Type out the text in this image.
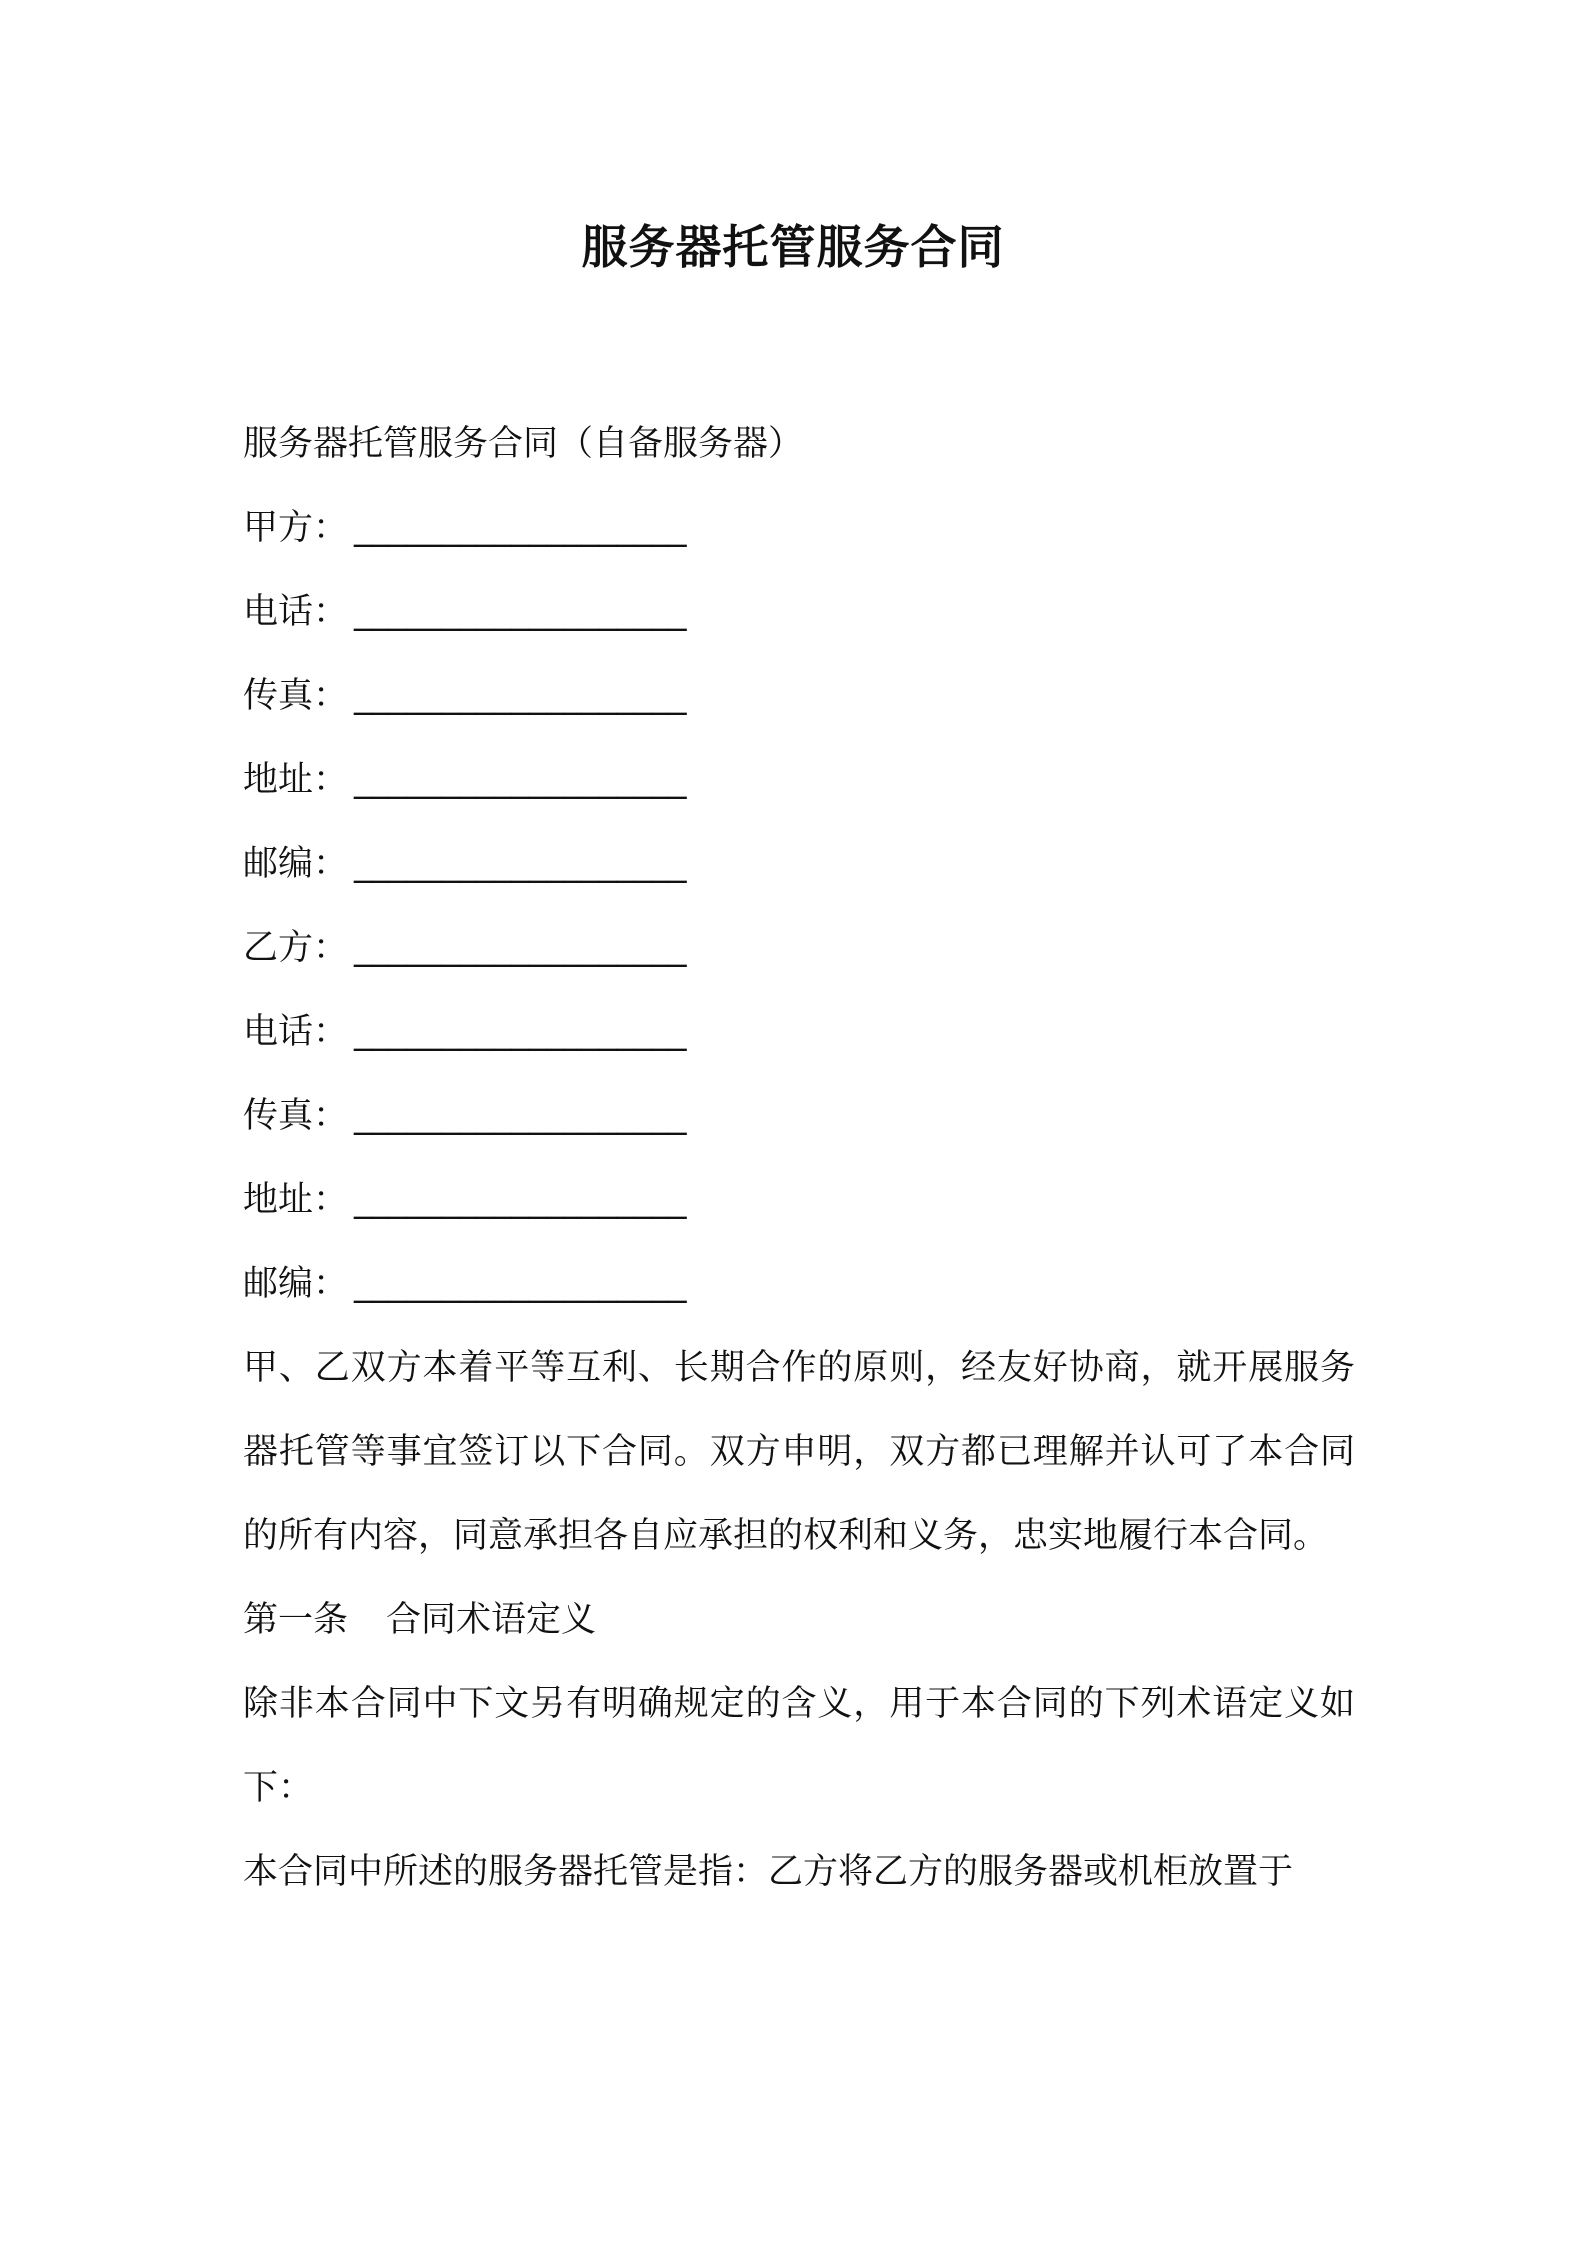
服务器托管服务合同
服务器托管服务合同（自备服务器）
甲方： ___________________
电话： ___________________
传真： ___________________
地址： ___________________
邮编： ___________________
乙方： ___________________
电话： ___________________
传真： ___________________
地址： ___________________
邮编： ___________________
甲、乙双方本着平等互利、长期合作的原则，经友好协商，就开展服务器托管等事宜签订以下合同。双方申明，双方都已理解并认可了本合同的所有内容，同意承担各自应承担的权利和义务，忠实地履行本合同。
第一条 合同术语定义
除非本合同中下文另有明确规定的含义，用于本合同的下列术语定义如下：
本合同中所述的服务器托管是指：乙方将乙方的服务器或机柜放置于
